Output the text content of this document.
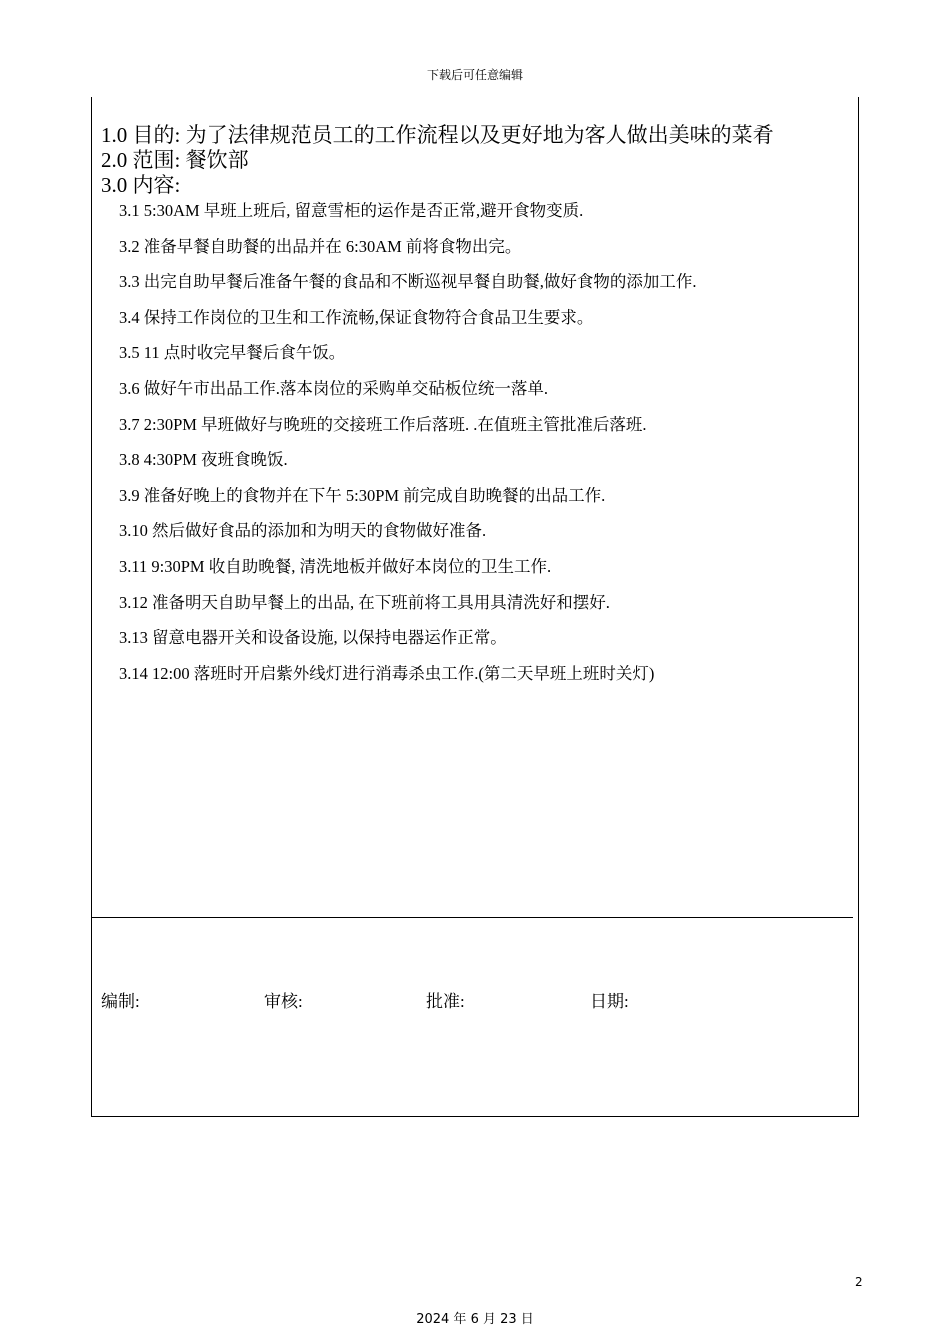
下载后可任意编辑
1.0 目的: 为了法律规范员工的工作流程以及更好地为客人做出美味的菜肴
2.0 范围: 餐饮部
3.0 内容:
3.1 5:30AM 早班上班后, 留意雪柜的运作是否正常,避开食物变质.
3.2 准备早餐自助餐的出品并在 6:30AM 前将食物出完。
3.3 出完自助早餐后准备午餐的食品和不断巡视早餐自助餐,做好食物的添加工作.
3.4 保持工作岗位的卫生和工作流畅,保证食物符合食品卫生要求。
3.5 11 点时收完早餐后食午饭。
3.6 做好午市出品工作.落本岗位的采购单交砧板位统一落单.
3.7 2:30PM 早班做好与晚班的交接班工作后落班. .在值班主管批准后落班.
3.8 4:30PM 夜班食晚饭.
3.9 准备好晚上的食物并在下午 5:30PM 前完成自助晚餐的出品工作.
3.10 然后做好食品的添加和为明天的食物做好准备.
3.11 9:30PM 收自助晚餐, 清洗地板并做好本岗位的卫生工作.
3.12 准备明天自助早餐上的出品, 在下班前将工具用具清洗好和摆好.
3.13 留意电器开关和设备设施, 以保持电器运作正常。
3.14 12:00 落班时开启紫外线灯进行消毒杀虫工作.(第二天早班上班时关灯)
编制:	审核:	批准:	日期:
2
2024 年 6 月 23 日
